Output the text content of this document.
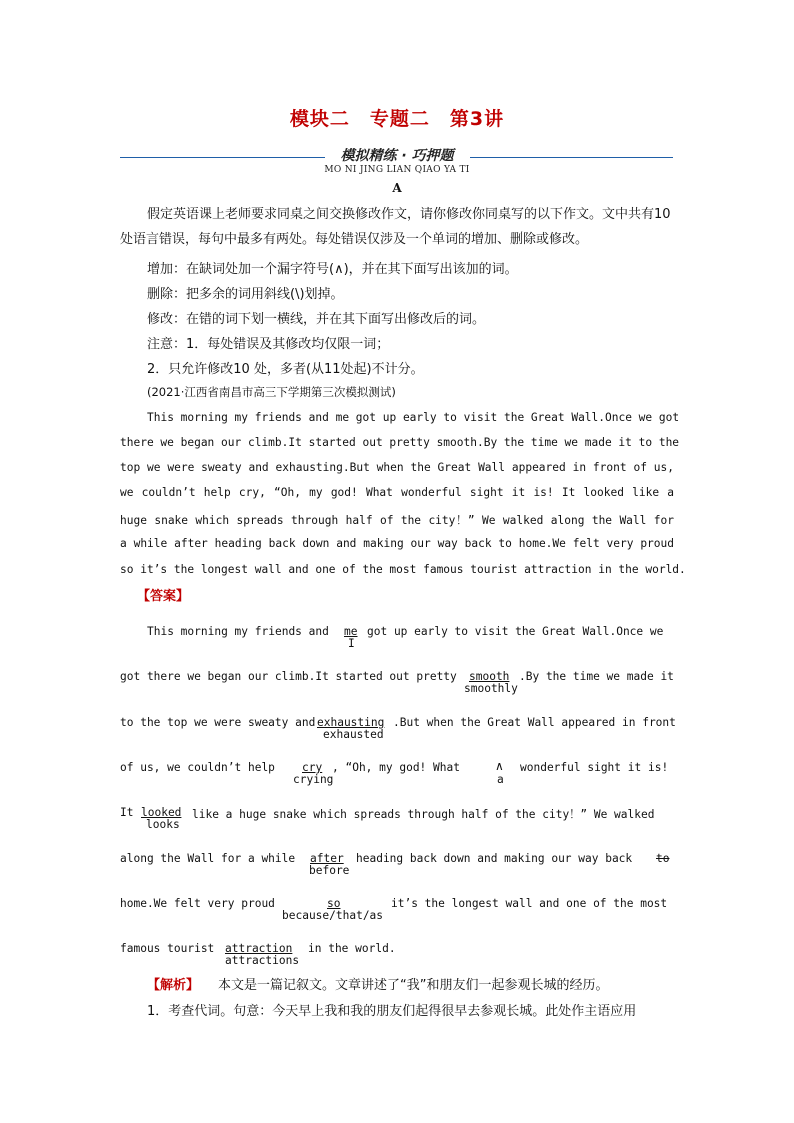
模块二　专题二　第3讲
模拟精练 · 巧押题
MO NI JING LIAN QIAO YA TI
A
假定英语课上老师要求同桌之间交换修改作文，请你修改你同桌写的以下作文。文中共有10处语言错误，每句中最多有两处。每处错误仅涉及一个单词的增加、删除或修改。
增加：在缺词处加一个漏字符号(∧)，并在其下面写出该加的词。
删除：把多余的词用斜线(\)划掉。
修改：在错的词下划一横线，并在其下面写出修改后的词。
注意：1．每处错误及其修改均仅限一词；
2．只允许修改10 处，多者(从11处起)不计分。
(2021·江西省南昌市高三下学期第三次模拟测试)
This morning my friends and me got up early to visit the Great Wall.Once we got
there we began our climb.It started out pretty smooth.By the time we made it to the
top we were sweaty and exhausting.But when the Great Wall appeared in front of us,
we couldn’t help cry, “Oh, my god! What wonderful sight it is! It looked like a
huge snake which spreads through half of the city！” We walked along the Wall for
a while after heading back down and making our way back to home.We felt very proud
so it’s the longest wall and one of the most famous tourist attraction in the world.
【答案】
This morning my friends and me
I
got up early to visit the Great Wall.Once we
got there we began our climb.It started out pretty smooth
smoothly
.By the time we made it
to the top we were sweaty and exhausting
exhausted
.But when the Great Wall appeared in front
of us, we couldn’t help cry
crying
, “Oh, my god! What	∧
a
wonderful sight it is!
It looked
looks
like a huge snake which spreads through half of the city！” We walked
along the Wall for a while after
before
heading back down and making our way back to
home.We felt very proud	so
because/that/as
it’s the longest wall and one of the most
famous tourist attraction
attractions
in the world.
【解析】 本文是一篇记叙文。文章讲述了“我”和朋友们一起参观长城的经历。
1．考查代词。句意：今天早上我和我的朋友们起得很早去参观长城。此处作主语应用
